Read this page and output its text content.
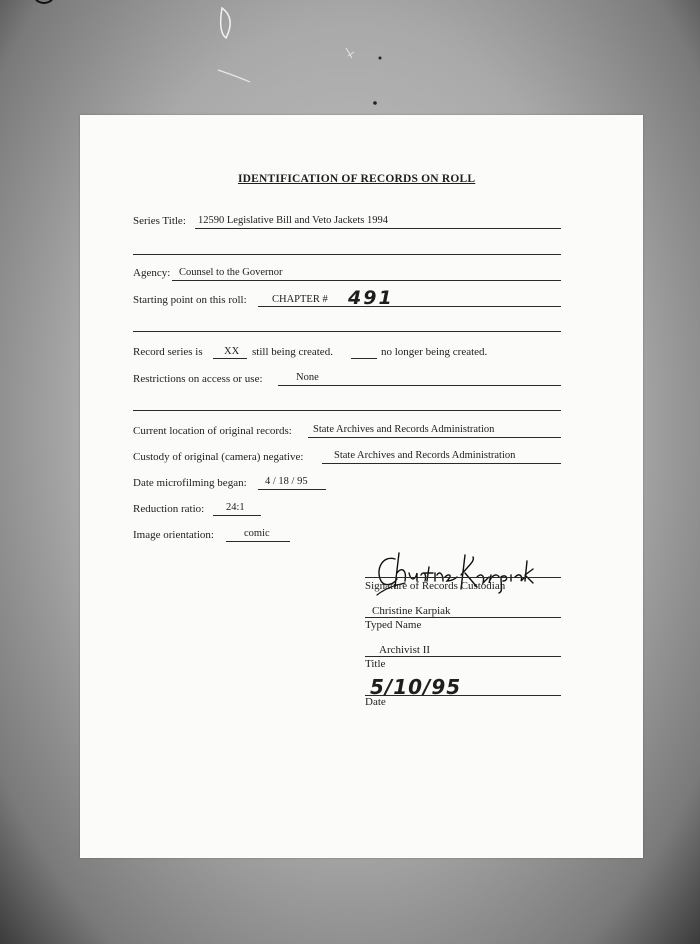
IDENTIFICATION OF RECORDS ON ROLL
Series Title: 12590 Legislative Bill and Veto Jackets 1994
Agency: Counsel to the Governor
Starting point on this roll: CHAPTER # 491
Record series is XX still being created.	no longer being created.
Restrictions on access or use:	None
Current location of original records: State Archives and Records Administration
Custody of original (camera) negative:	State Archives and Records Administration
Date microfilming began: 4 / 18 / 95
Reduction ratio: 24:1
Image orientation:	comic
Signature of Records Custodian
Christine Karpiak
Typed Name
Archivist II
Title
5/10/95
Date
